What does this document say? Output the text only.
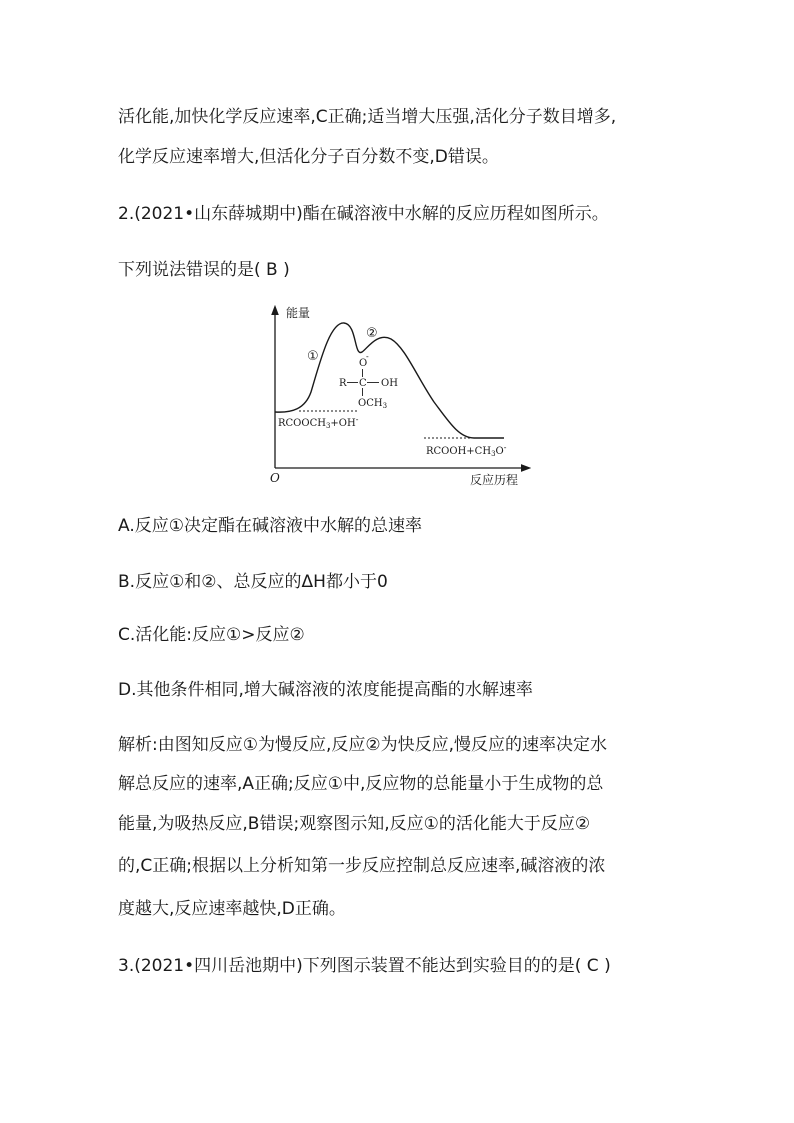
活化能,加快化学反应速率,C正确;适当增大压强,活化分子数目增多,

化学反应速率增大,但活化分子百分数不变,D错误。

2.(2021•山东薛城期中)酯在碱溶液中水解的反应历程如图所示。

下列说法错误的是( B )

能量
反应历程
O
①
②
O
-
R C OH
$OCH_3$
$RCOOCH_3+OH^-$
$RCOOH+CH_3O^-$

A.反应①决定酯在碱溶液中水解的总速率

B.反应①和②、总反应的ΔH都小于0

C.活化能:反应①>反应②

D.其他条件相同,增大碱溶液的浓度能提高酯的水解速率

解析:由图知反应①为慢反应,反应②为快反应,慢反应的速率决定水

解总反应的速率,A正确;反应①中,反应物的总能量小于生成物的总

能量,为吸热反应,B错误;观察图示知,反应①的活化能大于反应②

的,C正确;根据以上分析知第一步反应控制总反应速率,碱溶液的浓

度越大,反应速率越快,D正确。

3.(2021•四川岳池期中)下列图示装置不能达到实验目的的是( C )
